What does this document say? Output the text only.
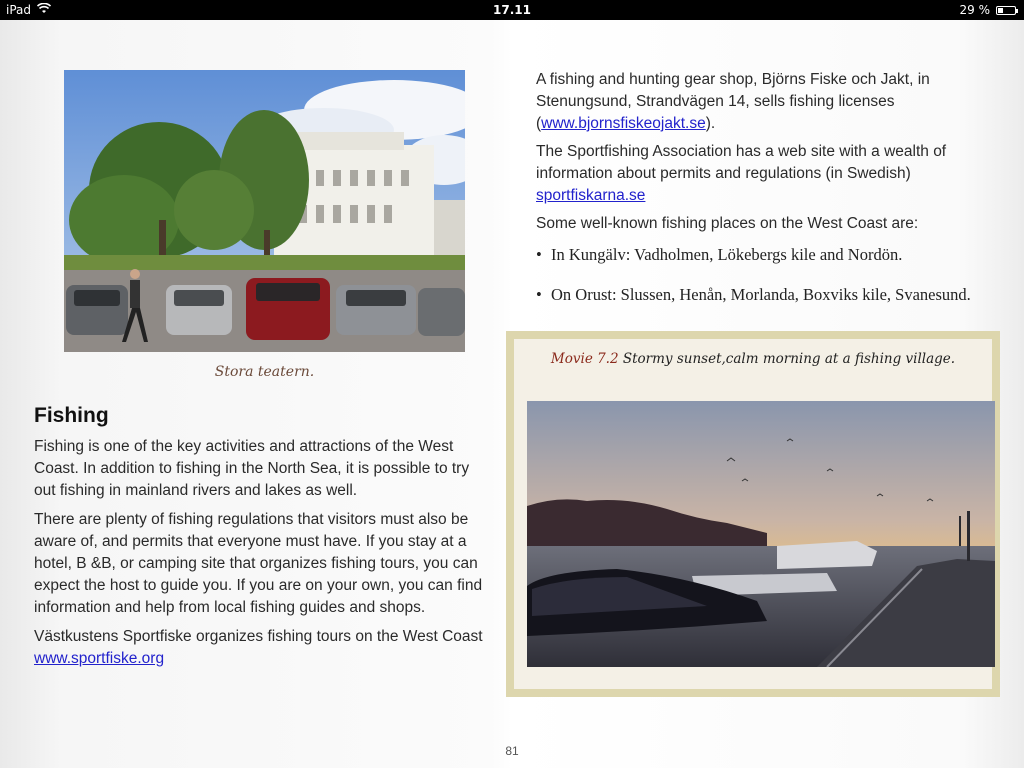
iPad	17.11	29 %
Stora teatern.
Fishing

Fishing is one of the key activities and attractions of the West Coast. In addition to fishing in the North Sea, it is possible to try out fishing in mainland rivers and lakes as well.

There are plenty of fishing regulations that visitors must also be aware of, and permits that everyone must have. If you stay at a hotel, B &B, or camping site that organizes fishing tours, you can expect the host to guide you. If you are on your own, you can find information and help from local fishing guides and shops.

Västkustens Sportfiske organizes fishing tours on the West Coast www.sportfiske.org

A fishing and hunting gear shop, Björns Fiske och Jakt, in Stenungsund, Strandvägen 14, sells fishing licenses (www.bjornsfiskeojakt.se).

The Sportfishing Association has a web site with a wealth of information about permits and regulations (in Swedish) sportfiskarna.se

Some well-known fishing places on the West Coast are:

• In Kungälv: Vadholmen, Lökebergs kile and Nordön.
• On Orust: Slussen, Henån, Morlanda, Boxviks kile, Svanesund.
Movie 7.2 Stormy sunset,calm morning at a fishing village.
81
